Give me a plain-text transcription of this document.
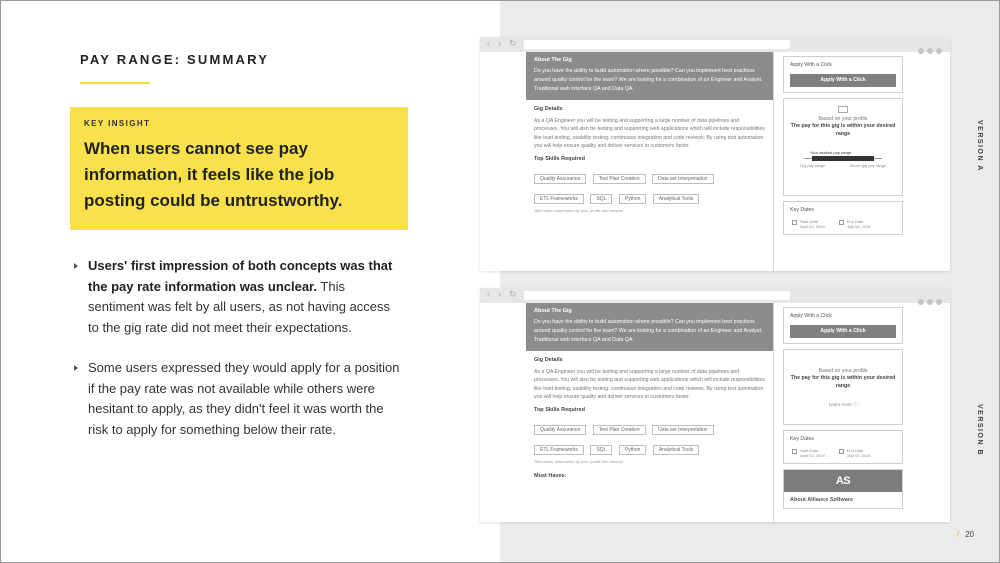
PAY RANGE: SUMMARY
KEY INSIGHT
When users cannot see pay information, it feels like the job posting could be untrustworthy.
Users' first impression of both concepts was that the pay rate information was unclear. This sentiment was felt by all users, as not having access to the gig rate did not meet their expectations.
Some users expressed they would apply for a position if the pay rate was not available while others were hesitant to apply, as they didn't feel it was worth the risk to apply for something below their rate.
‹ › ↻
About The Gig
Do you have the ability to build automation where possible? Can you implement best practices around quality control for the team? We are looking for a combination of an Engineer and Analyst. Traditional web interface QA and Data QA.
Gig Details
As a QA Engineer you will be testing and supporting a large number of data pipelines and processes. You will also be testing and supporting web applications which will include responsibilities like load testing, usability testing, continuous integration and code reviews. By using test automation you will help ensure quality and deliver services to customers faster.
Top Skills Required
Quality Assurance	Test Plan Creation	Data set Interpretation
ETL Frameworks	SQL	Python	Analytical Tools
Skill match determined by your profile and resume
Apply With a Click
Apply With a Click
Based on your profile
The pay for this gig is within your desired range
Your desired pay range
Gig pay range	Above gig pay range
Key Dates
Start Date
April 03, 2019
End Date
July 03, 2019
‹ › ↻
About The Gig
Do you have the ability to build automation where possible? Can you implement best practices around quality control for the team? We are looking for a combination of an Engineer and Analyst. Traditional web interface QA and Data QA.
Gig Details
As a QA Engineer you will be testing and supporting a large number of data pipelines and processes. You will also be testing and supporting web applications which will include responsibilities like load testing, usability testing, continuous integration and code reviews. By using test automation you will help ensure quality and deliver services to customers faster.
Top Skills Required
Quality Assurance	Test Plan Creation	Data set Interpretation
ETL Frameworks	SQL	Python	Analytical Tools
Skill match determined by your profile and resume
Must Haves:
Apply With a Click
Apply With a Click
Based on your profile
The pay for this gig is within your desired range
Learn more ⓘ
Key Dates
Start Date
April 03, 2019
End Date
July 03, 2019
AS
About Alliance Software
VERSION A
VERSION B
/ 20
